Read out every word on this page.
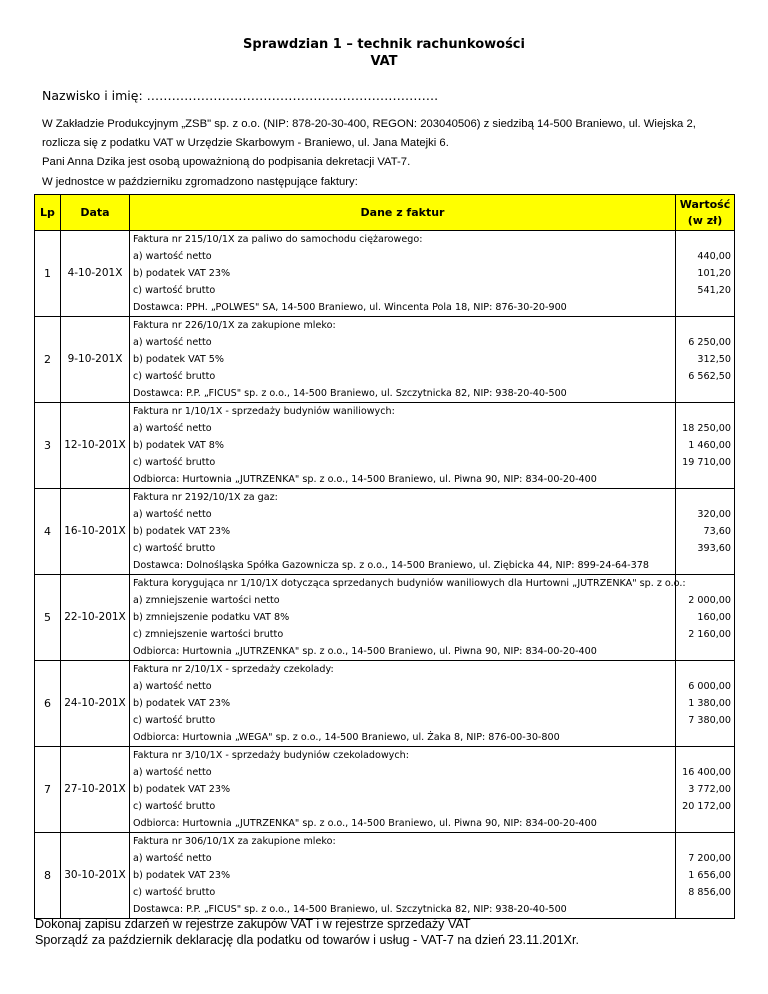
Sprawdzian 1 – technik rachunkowości
VAT
Nazwisko i imię: …………………………………………………………….
W Zakładzie Produkcyjnym „ZSB" sp. z o.o. (NIP: 878-20-30-400, REGON: 203040506) z siedzibą 14-500 Braniewo, ul. Wiejska 2,
rozlicza się z podatku VAT w Urzędzie Skarbowym - Braniewo, ul. Jana Matejki 6.
Pani Anna Dzika jest osobą upoważnioną do podpisania dekretacji VAT-7.
W jednostce w październiku zgromadzono następujące faktury:
Lp	Data	Dane z faktur	Wartość (w zł)
1	4-10-201X	Faktura nr 215/10/1X za paliwo do samochodu ciężarowego:	
		a) wartość netto	440,00
		b) podatek VAT 23%	101,20
		c) wartość brutto	541,20
		Dostawca: PPH. „POLWES" SA, 14-500 Braniewo, ul. Wincenta Pola 18, NIP: 876-30-20-900	
2	9-10-201X	Faktura nr 226/10/1X za zakupione mleko:	
		a) wartość netto	6 250,00
		b) podatek VAT 5%	312,50
		c) wartość brutto	6 562,50
		Dostawca: P.P. „FICUS" sp. z o.o., 14-500 Braniewo, ul. Szczytnicka 82, NIP: 938-20-40-500	
3	12-10-201X	Faktura nr 1/10/1X - sprzedaży budyniów waniliowych:	
		a) wartość netto	18 250,00
		b) podatek VAT 8%	1 460,00
		c) wartość brutto	19 710,00
		Odbiorca: Hurtownia „JUTRZENKA" sp. z o.o., 14-500 Braniewo, ul. Piwna 90, NIP: 834-00-20-400	
4	16-10-201X	Faktura nr 2192/10/1X za gaz:	
		a) wartość netto	320,00
		b) podatek VAT 23%	73,60
		c) wartość brutto	393,60
		Dostawca: Dolnośląska Spółka Gazownicza sp. z o.o., 14-500 Braniewo, ul. Ziębicka 44, NIP: 899-24-64-378	
5	22-10-201X	Faktura korygująca nr 1/10/1X dotycząca sprzedanych budyniów waniliowych dla Hurtowni „JUTRZENKA" sp. z o.o.:	
		a) zmniejszenie wartości netto	2 000,00
		b) zmniejszenie podatku VAT 8%	160,00
		c) zmniejszenie wartości brutto	2 160,00
		Odbiorca: Hurtownia „JUTRZENKA" sp. z o.o., 14-500 Braniewo, ul. Piwna 90, NIP: 834-00-20-400	
6	24-10-201X	Faktura nr 2/10/1X - sprzedaży czekolady:	
		a) wartość netto	6 000,00
		b) podatek VAT 23%	1 380,00
		c) wartość brutto	7 380,00
		Odbiorca: Hurtownia „WEGA" sp. z o.o., 14-500 Braniewo, ul. Żaka 8, NIP: 876-00-30-800	
7	27-10-201X	Faktura nr 3/10/1X - sprzedaży budyniów czekoladowych:	
		a) wartość netto	16 400,00
		b) podatek VAT 23%	3 772,00
		c) wartość brutto	20 172,00
		Odbiorca: Hurtownia „JUTRZENKA" sp. z o.o., 14-500 Braniewo, ul. Piwna 90, NIP: 834-00-20-400	
8	30-10-201X	Faktura nr 306/10/1X za zakupione mleko:	
		a) wartość netto	7 200,00
		b) podatek VAT 23%	1 656,00
		c) wartość brutto	8 856,00
		Dostawca: P.P. „FICUS" sp. z o.o., 14-500 Braniewo, ul. Szczytnicka 82, NIP: 938-20-40-500	
Dokonaj zapisu zdarzeń w rejestrze zakupów VAT i w rejestrze sprzedaży VAT
Sporządź za październik deklarację dla podatku od towarów i usług - VAT-7 na dzień 23.11.201Xr.
